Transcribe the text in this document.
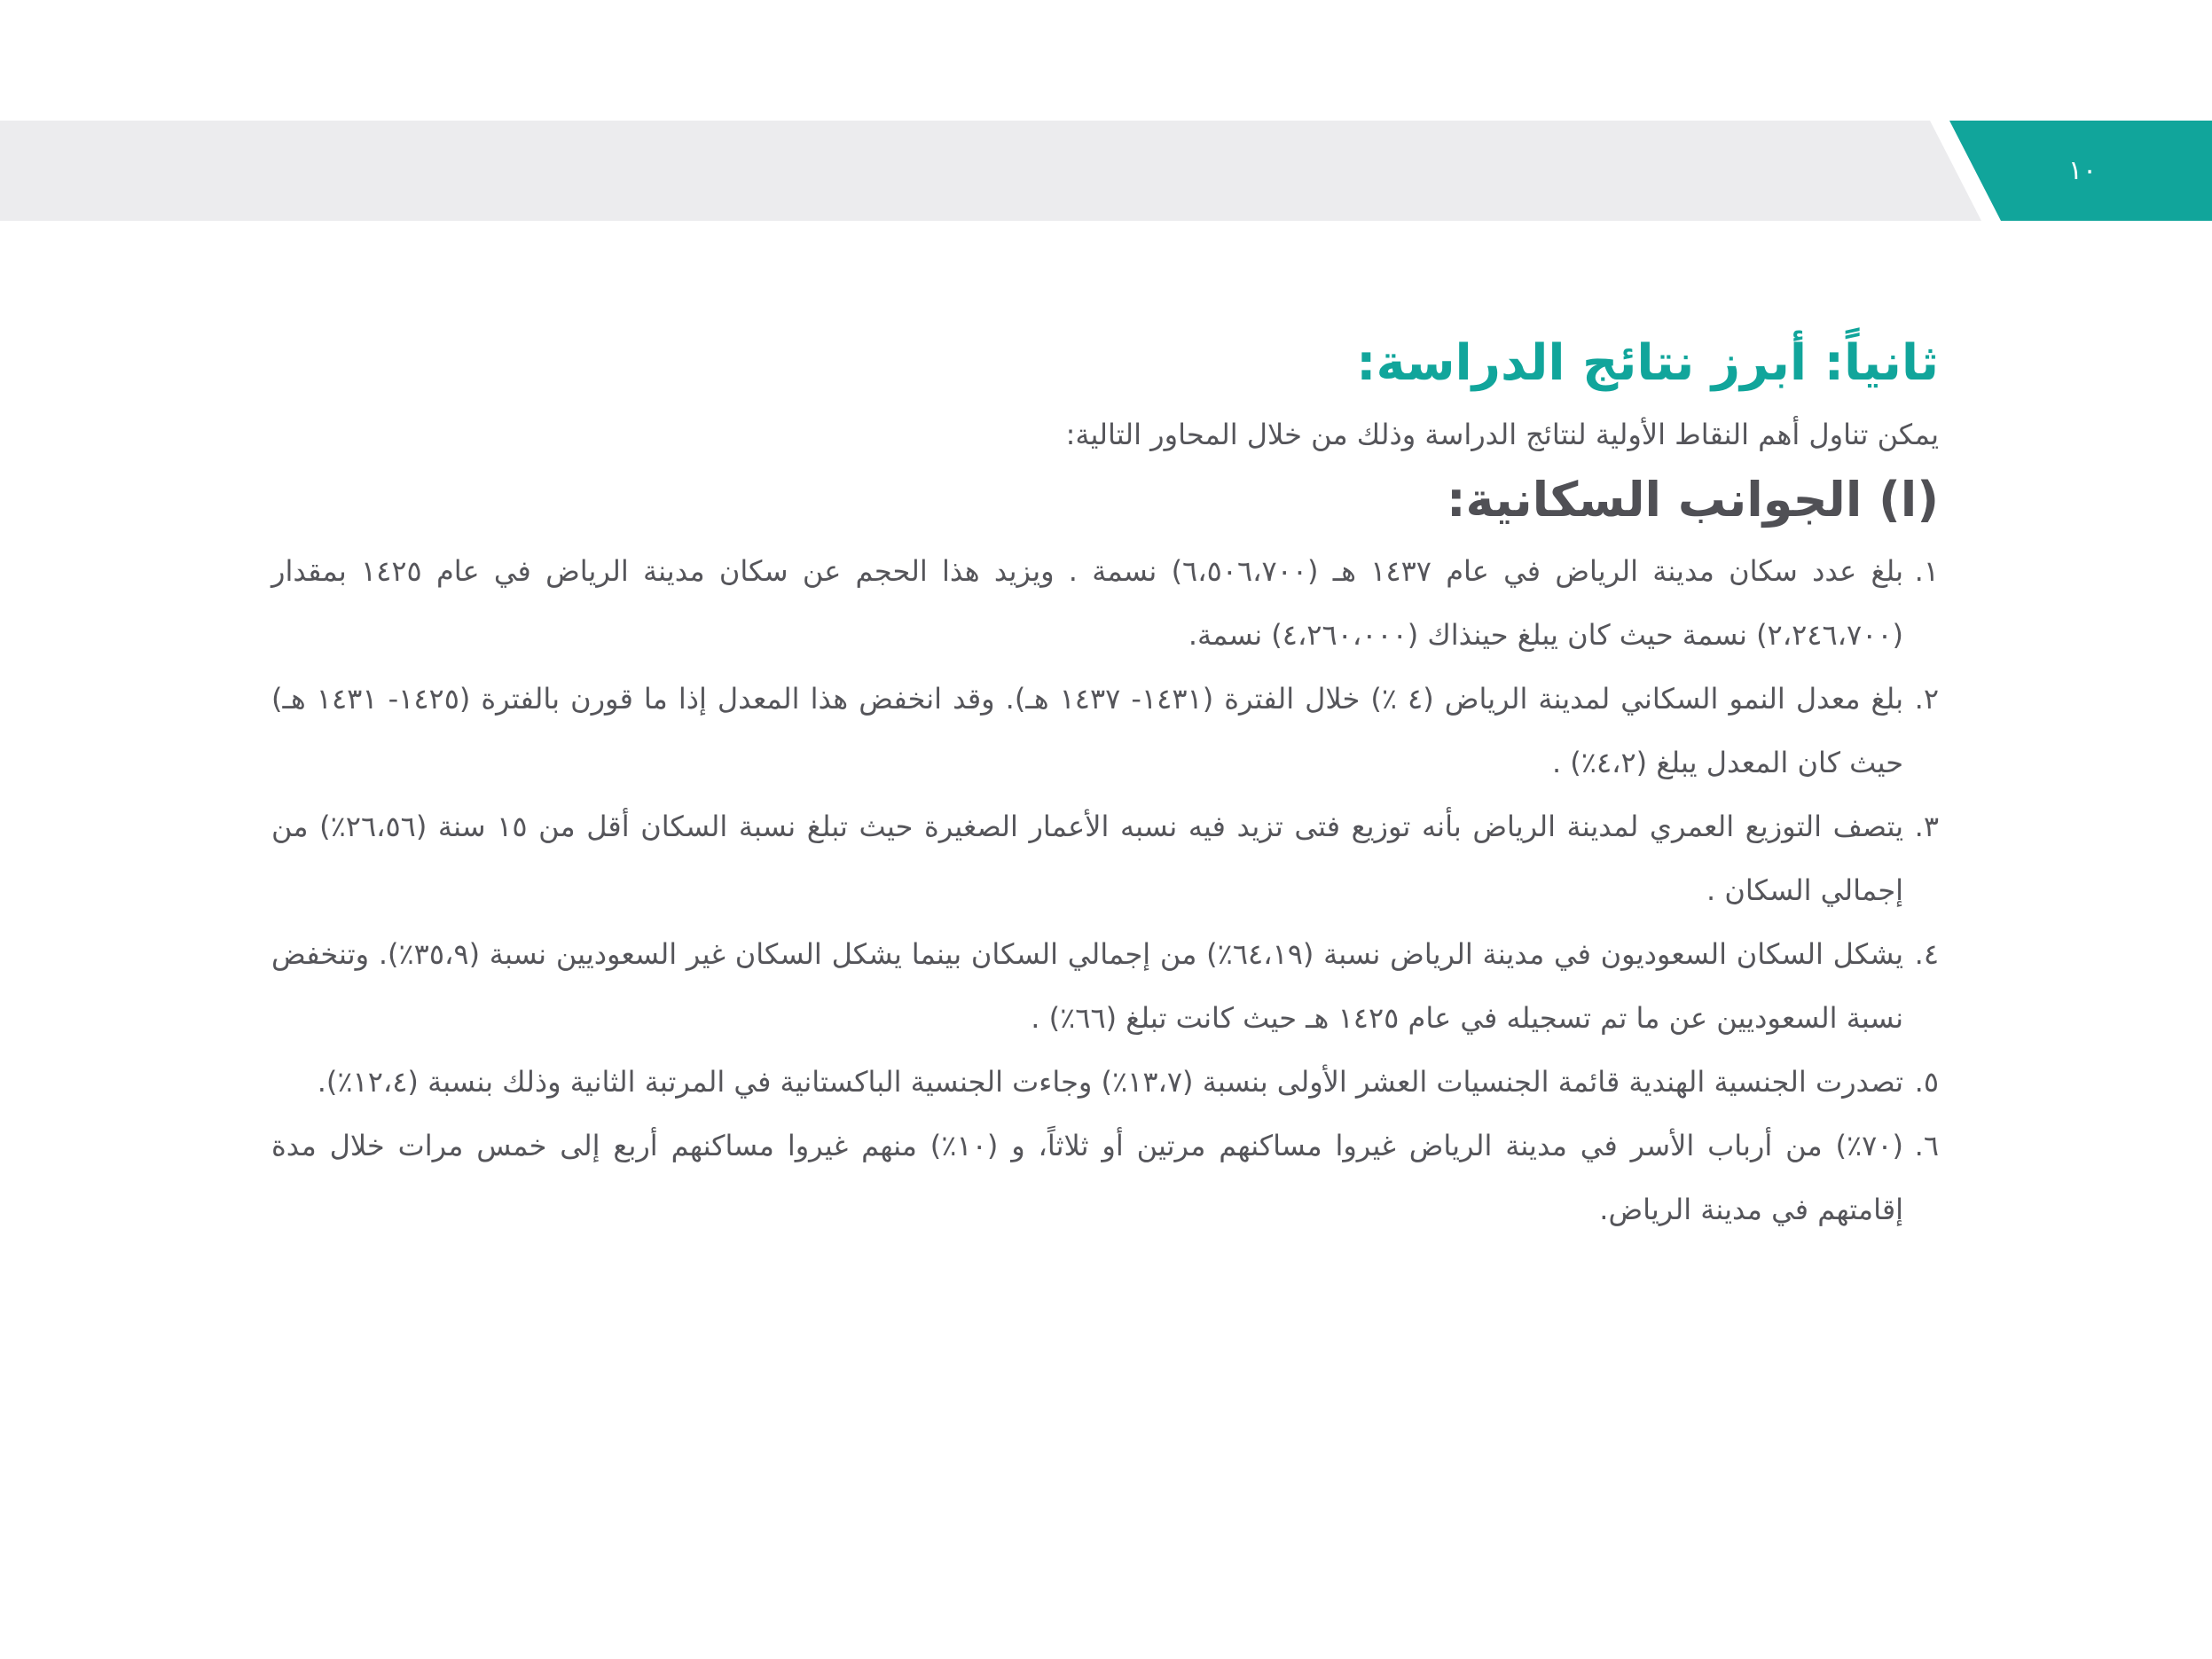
١٠
ثانياً: أبرز نتائج الدراسة:

يمكن تناول أهم النقاط الأولية لنتائج الدراسة وذلك من خلال المحاور التالية:

(ا) الجوانب السكانية:
١.
بلغ عدد سكان مدينة الرياض في عام ١٤٣٧ هـ (٦،٥٠٦،٧٠٠) نسمة . ويزيد هذا الحجم عن سكان مدينة الرياض في عام ١٤٢٥ بمقدار (٢،٢٤٦،٧٠٠) نسمة حيث كان يبلغ حينذاك (٤،٢٦٠،٠٠٠) نسمة.
٢.
بلغ معدل النمو السكاني لمدينة الرياض (٤ ٪) خلال الفترة (١٤٣١- ١٤٣٧ هـ). وقد انخفض هذا المعدل إذا ما قورن بالفترة (١٤٢٥- ١٤٣١ هـ) حيث كان المعدل يبلغ (٤،٢٪) .
٣.
يتصف التوزيع العمري لمدينة الرياض بأنه توزيع فتى تزيد فيه نسبه الأعمار الصغيرة حيث تبلغ نسبة السكان أقل من ١٥ سنة (٢٦،٥٦٪) من إجمالي السكان .
٤.
يشكل السكان السعوديون في مدينة الرياض نسبة (٦٤،١٩٪) من إجمالي السكان بينما يشكل السكان غير السعوديين نسبة (٣٥،٩٪). وتنخفض نسبة السعوديين عن ما تم تسجيله في عام ١٤٢٥ هـ حيث كانت تبلغ (٦٦٪) .
٥.
تصدرت الجنسية الهندية قائمة الجنسيات العشر الأولى بنسبة (١٣،٧٪) وجاءت الجنسية الباكستانية في المرتبة الثانية وذلك بنسبة (١٢،٤٪).
٦.
(٧٠٪) من أرباب الأسر في مدينة الرياض غيروا مساكنهم مرتين أو ثلاثاً، و (١٠٪) منهم غيروا مساكنهم أربع إلى خمس مرات خلال مدة إقامتهم في مدينة الرياض.
